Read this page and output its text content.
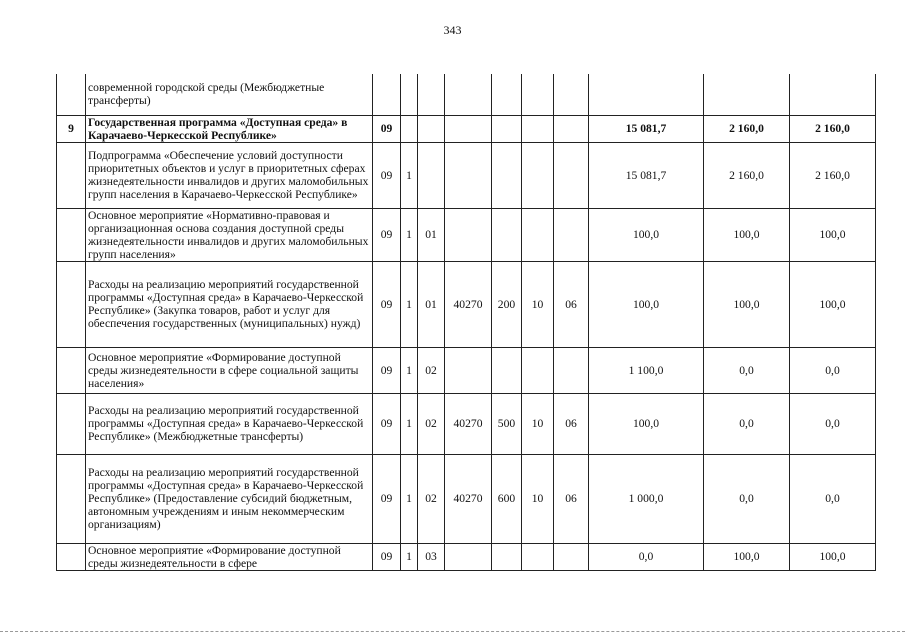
343
	современной городской среды (Межбюджетные трансферты)										
9	Государственная программа «Доступная среда» в Карачаево-Черкесской Республике»	09							15 081,7	2 160,0	2 160,0
	Подпрограмма «Обеспечение условий доступности приоритетных объектов и услуг в приоритетных сферах жизнедеятельности инвалидов и других маломобильных групп населения в Карачаево-Черкесской Республике»	09	1						15 081,7	2 160,0	2 160,0
	Основное мероприятие «Нормативно-правовая и организационная основа создания доступной среды жизнедеятельности инвалидов и других маломобильных групп населения»	09	1	01					100,0	100,0	100,0
	Расходы на реализацию мероприятий государственной программы «Доступная среда» в Карачаево-Черкесской Республике» (Закупка товаров, работ и услуг для обеспечения государственных (муниципальных) нужд)	09	1	01	40270	200	10	06	100,0	100,0	100,0
	Основное мероприятие «Формирование доступной среды жизнедеятельности в сфере социальной защиты населения»	09	1	02					1 100,0	0,0	0,0
	Расходы на реализацию мероприятий государственной программы «Доступная среда» в Карачаево-Черкесской Республике» (Межбюджетные трансферты)	09	1	02	40270	500	10	06	100,0	0,0	0,0
	Расходы на реализацию мероприятий государственной программы «Доступная среда» в Карачаево-Черкесской Республике» (Предоставление субсидий бюджетным, автономным учреждениям и иным некоммерческим организациям)	09	1	02	40270	600	10	06	1 000,0	0,0	0,0
	Основное мероприятие «Формирование доступной среды жизнедеятельности в сфере	09	1	03					0,0	100,0	100,0
